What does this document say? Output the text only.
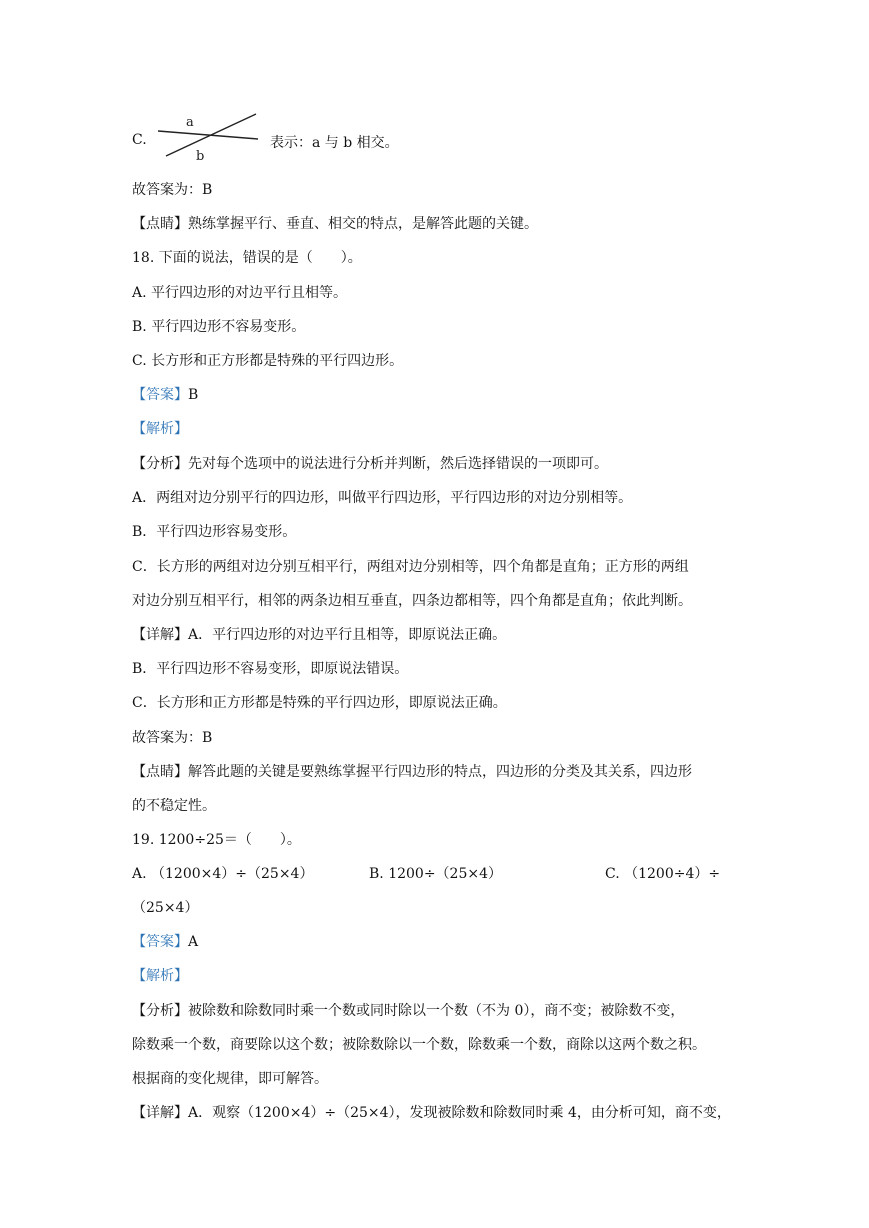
C.
a
b
表示：a 与 b 相交。
故答案为：B
【点睛】熟练掌握平行、垂直、相交的特点，是解答此题的关键。
18. 下面的说法，错误的是（　　）。
A. 平行四边形的对边平行且相等。
B. 平行四边形不容易变形。
C. 长方形和正方形都是特殊的平行四边形。
【答案】B
【解析】
【分析】先对每个选项中的说法进行分析并判断，然后选择错误的一项即可。
A．两组对边分别平行的四边形，叫做平行四边形，平行四边形的对边分别相等。
B．平行四边形容易变形。
C．长方形的两组对边分别互相平行，两组对边分别相等，四个角都是直角；正方形的两组
对边分别互相平行，相邻的两条边相互垂直，四条边都相等，四个角都是直角；依此判断。
【详解】A．平行四边形的对边平行且相等，即原说法正确。
B．平行四边形不容易变形，即原说法错误。
C．长方形和正方形都是特殊的平行四边形，即原说法正确。
故答案为：B
【点睛】解答此题的关键是要熟练掌握平行四边形的特点，四边形的分类及其关系，四边形
的不稳定性。
19. 1200÷25＝（　　）。
A. （1200×4）÷（25×4）	B. 1200÷（25×4）	C. （1200÷4）÷
（25×4）
【答案】A
【解析】
【分析】被除数和除数同时乘一个数或同时除以一个数（不为 0），商不变；被除数不变，
除数乘一个数，商要除以这个数；被除数除以一个数，除数乘一个数，商除以这两个数之积。
根据商的变化规律，即可解答。
【详解】A．观察（1200×4）÷（25×4），发现被除数和除数同时乘 4，由分析可知，商不变，
